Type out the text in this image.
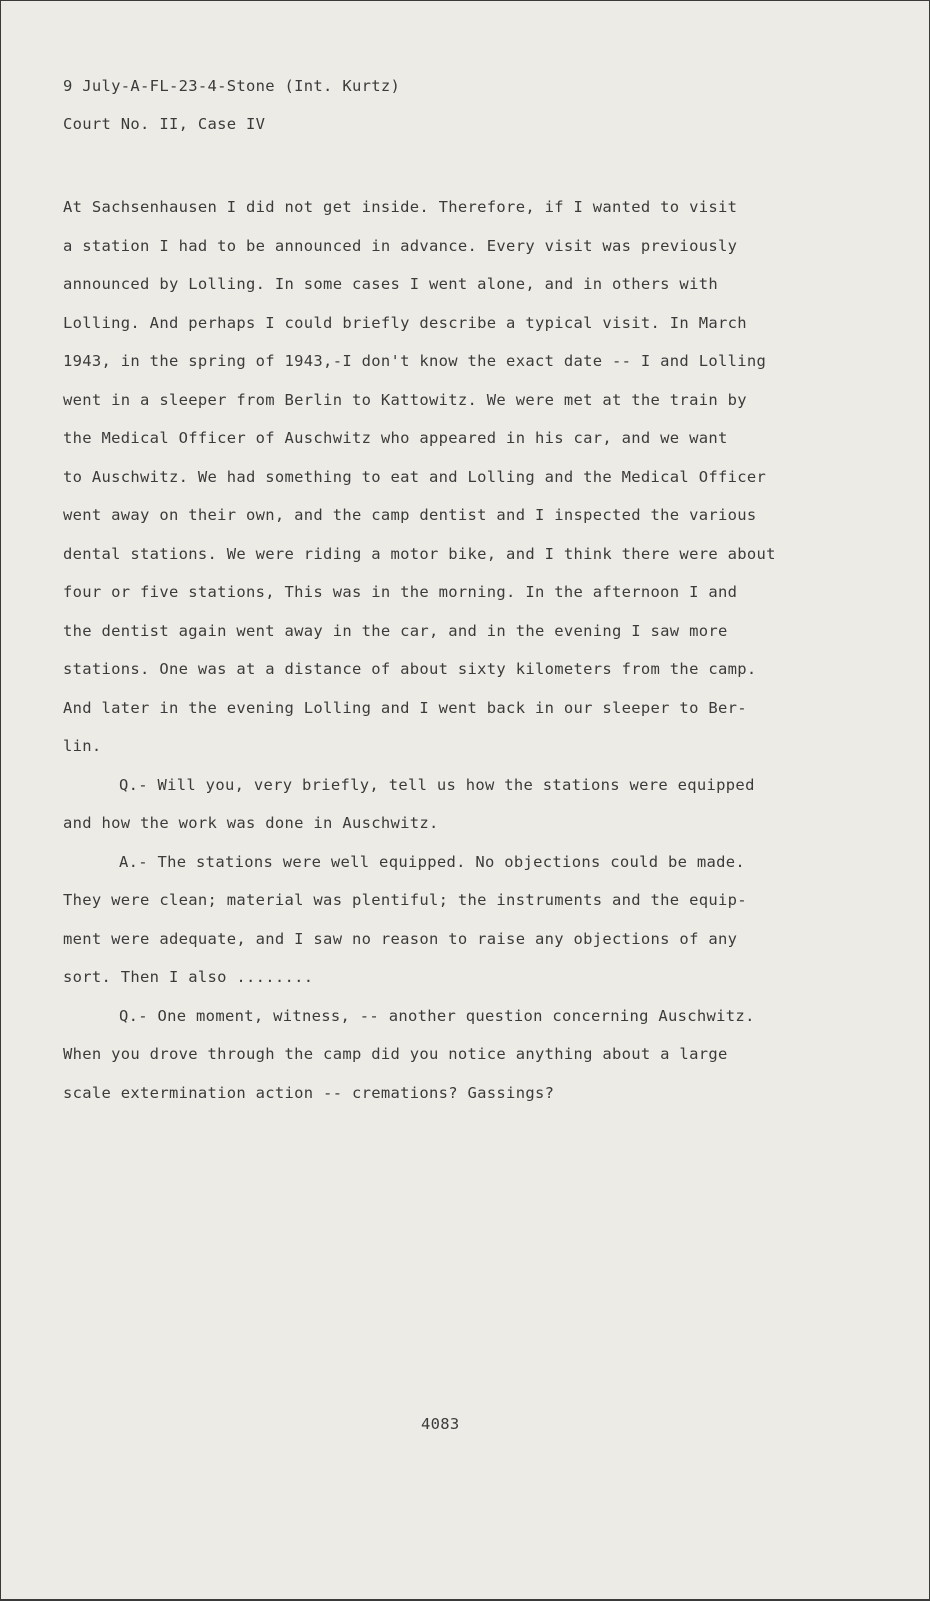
9 July-A-FL-23-4-Stone (Int. Kurtz)
Court No. II, Case IV
At Sachsenhausen I did not get inside. Therefore, if I wanted to visit
a station I had to be announced in advance. Every visit was previously
announced by Lolling. In some cases I went alone, and in others with
Lolling. And perhaps I could briefly describe a typical visit. In March
1943, in the spring of 1943,-I don't know the exact date -- I and Lolling
went in a sleeper from Berlin to Kattowitz. We were met at the train by
the Medical Officer of Auschwitz who appeared in his car, and we want
to Auschwitz. We had something to eat and Lolling and the Medical Officer
went away on their own, and the camp dentist and I inspected the various
dental stations. We were riding a motor bike, and I think there were about
four or five stations, This was in the morning. In the afternoon I and
the dentist again went away in the car, and in the evening I saw more
stations. One was at a distance of about sixty kilometers from the camp.
And later in the evening Lolling and I went back in our sleeper to Ber-
lin.
Q.- Will you, very briefly, tell us how the stations were equipped
and how the work was done in Auschwitz.
A.- The stations were well equipped. No objections could be made.
They were clean; material was plentiful; the instruments and the equip-
ment were adequate, and I saw no reason to raise any objections of any
sort. Then I also ........
Q.- One moment, witness, -- another question concerning Auschwitz.
When you drove through the camp did you notice anything about a large
scale extermination action -- cremations? Gassings?
4083
